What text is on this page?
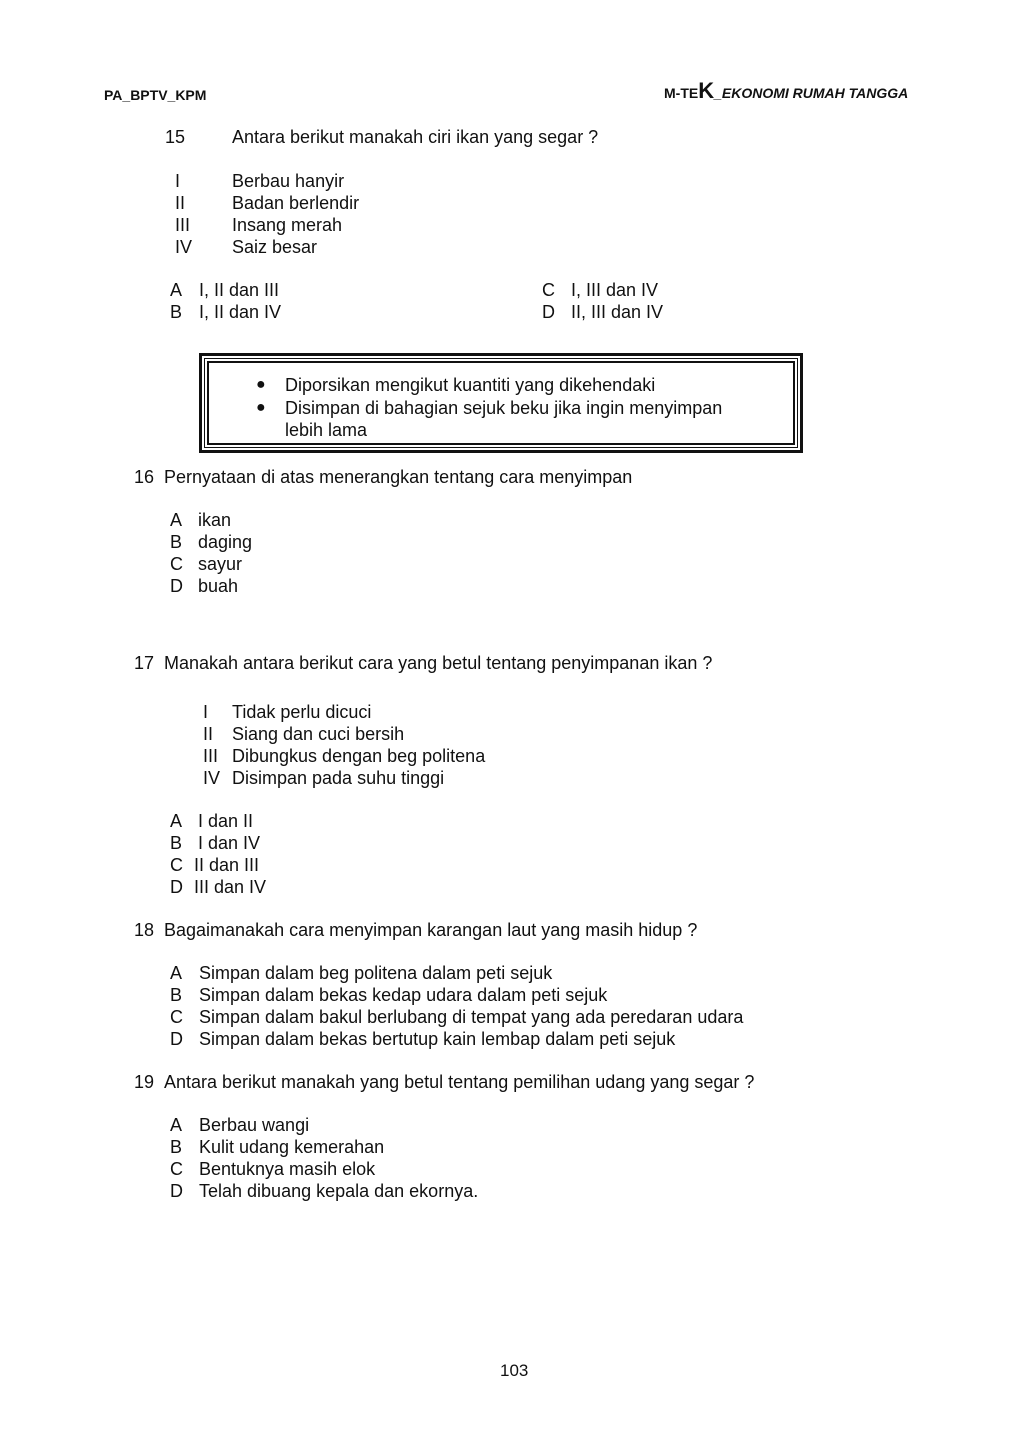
PA_BPTV_KPM	M-TEK_EKONOMI RUMAH TANGGA
15	Antara berikut manakah ciri ikan yang segar ?
I	Berbau hanyir
II	Badan berlendir
III Insang merah
IV Saiz besar
A I, II dan III
B I, II dan IV
C I, III dan IV
D II, III dan IV
● Diporsikan mengikut kuantiti yang dikehendaki
● Disimpan di bahagian sejuk beku jika ingin menyimpan
lebih lama
16 Pernyataan di atas menerangkan tentang cara menyimpan
A ikan
B daging
C sayur
D buah
17 Manakah antara berikut cara yang betul tentang penyimpanan ikan ?
I Tidak perlu dicuci
II Siang dan cuci bersih
III Dibungkus dengan beg politena
IV Disimpan pada suhu tinggi
A I dan II
B I dan IV
C II dan III
D III dan IV
18 Bagaimanakah cara menyimpan karangan laut yang masih hidup ?
A Simpan dalam beg politena dalam peti sejuk
B Simpan dalam bekas kedap udara dalam peti sejuk
C Simpan dalam bakul berlubang di tempat yang ada peredaran udara
D Simpan dalam bekas bertutup kain lembap dalam peti sejuk
19 Antara berikut manakah yang betul tentang pemilihan udang yang segar ?
A Berbau wangi
B Kulit udang kemerahan
C Bentuknya masih elok
D Telah dibuang kepala dan ekornya.
103
